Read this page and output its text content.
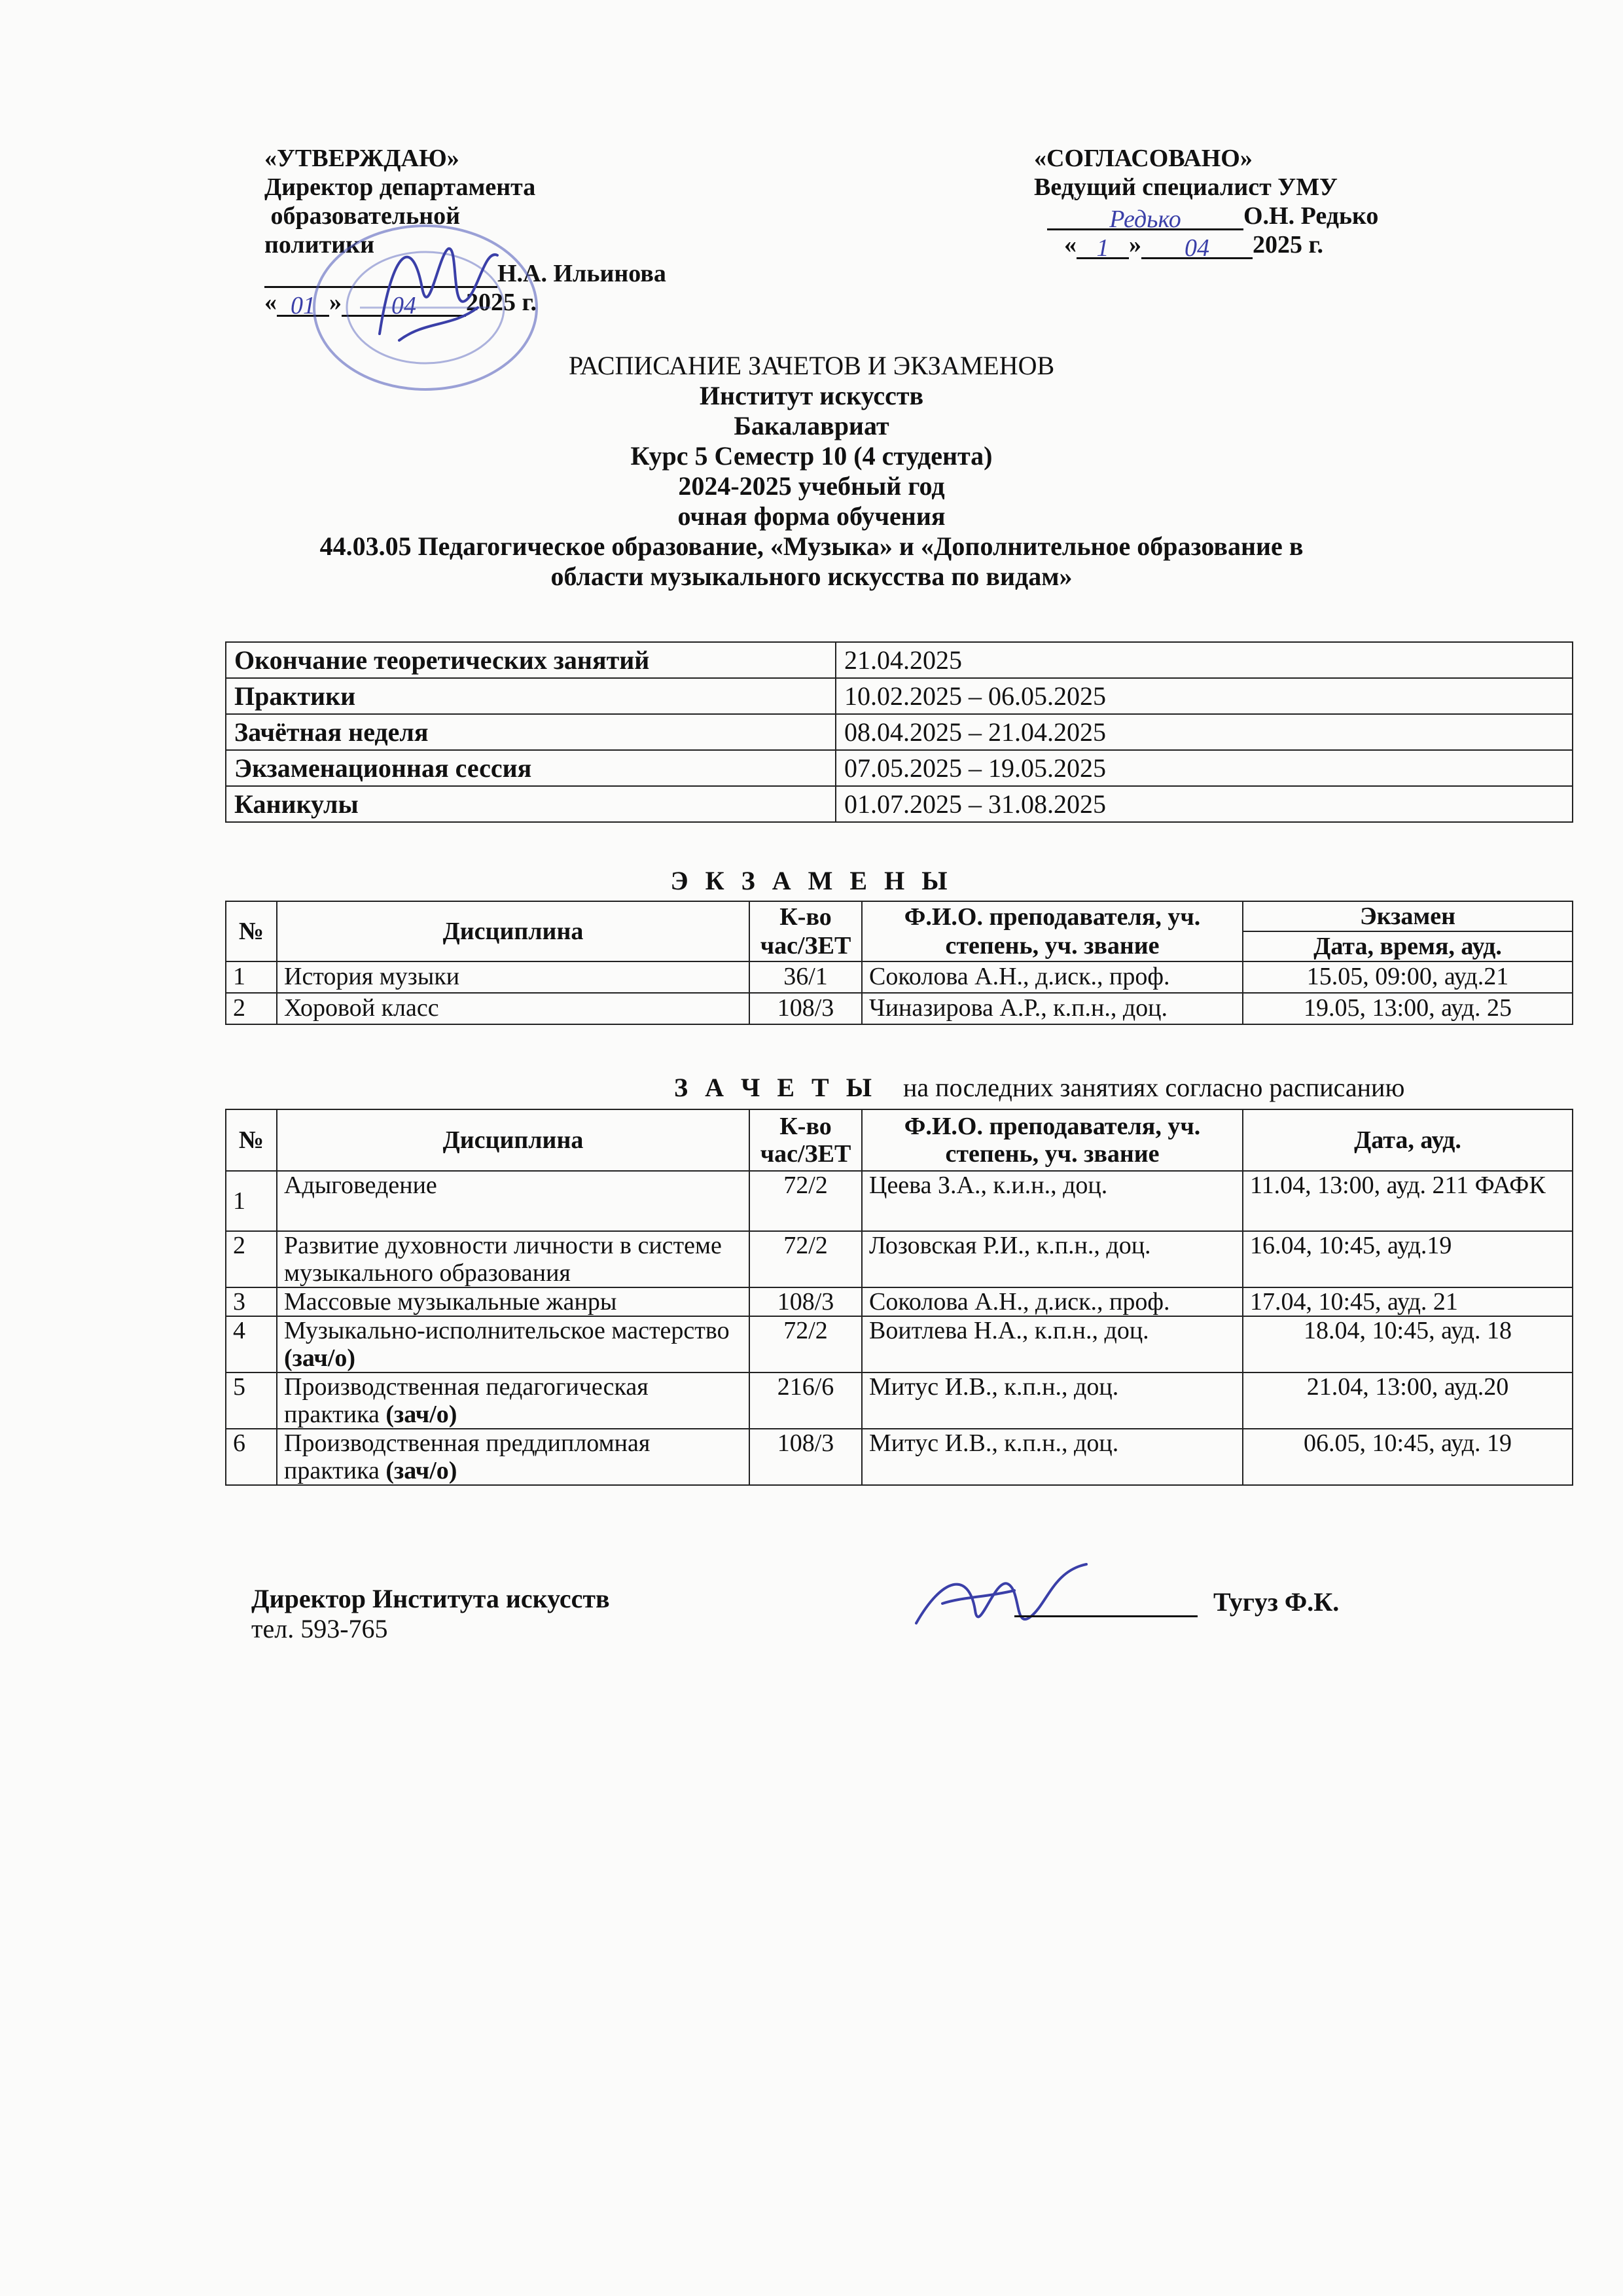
«УТВЕРЖДАЮ»
Директор департамента
образовательной
политики
Н.А. Ильинова
« 01 » 04 2025 г.
«СОГЛАСОВАНО»
Ведущий специалист УМУ
Редько	О.Н. Редько
« 1 » 04 2025 г.
РАСПИСАНИЕ ЗАЧЕТОВ И ЭКЗАМЕНОВ
Институт искусств
Бакалавриат
Курс 5 Семестр 10 (4 студента)
2024-2025 учебный год
очная форма обучения
44.03.05 Педагогическое образование, «Музыка» и «Дополнительное образование в
области музыкального искусства по видам»
Окончание теоретических занятий	21.04.2025
Практики	10.02.2025 – 06.05.2025
Зачётная неделя	08.04.2025 – 21.04.2025
Экзаменационная сессия	07.05.2025 – 19.05.2025
Каникулы	01.07.2025 – 31.08.2025
Э К З А М Е Н Ы
№	Дисциплина	К-во час/ЗЕТ	Ф.И.О. преподавателя, уч. степень, уч. звание	Экзамен
				Дата, время, ауд.
1	История музыки	36/1	Соколова А.Н., д.иск., проф.	15.05, 09:00, ауд.21
2	Хоровой класс	108/3	Чиназирова А.Р., к.п.н., доц.	19.05, 13:00, ауд. 25
З А Ч Е Т Ы на последних занятиях согласно расписанию
№	Дисциплина	К-во час/ЗЕТ	Ф.И.О. преподавателя, уч. степень, уч. звание	Дата, ауд.
1	Адыговедение	72/2	Цеева З.А., к.и.н., доц.	11.04, 13:00, ауд. 211 ФАФК
2	Развитие духовности личности в системе музыкального образования	72/2	Лозовская Р.И., к.п.н., доц.	16.04, 10:45, ауд.19
3	Массовые музыкальные жанры	108/3	Соколова А.Н., д.иск., проф.	17.04, 10:45, ауд. 21
4	Музыкально-исполнительское мастерство (зач/о)	72/2	Воитлева Н.А., к.п.н., доц.	18.04, 10:45, ауд. 18
5	Производственная педагогическая практика (зач/о)	216/6	Митус И.В., к.п.н., доц.	21.04, 13:00, ауд.20
6	Производственная преддипломная практика (зач/о)	108/3	Митус И.В., к.п.н., доц.	06.05, 10:45, ауд. 19
Директор Института искусств
тел. 593-765
Тугуз Ф.К.
